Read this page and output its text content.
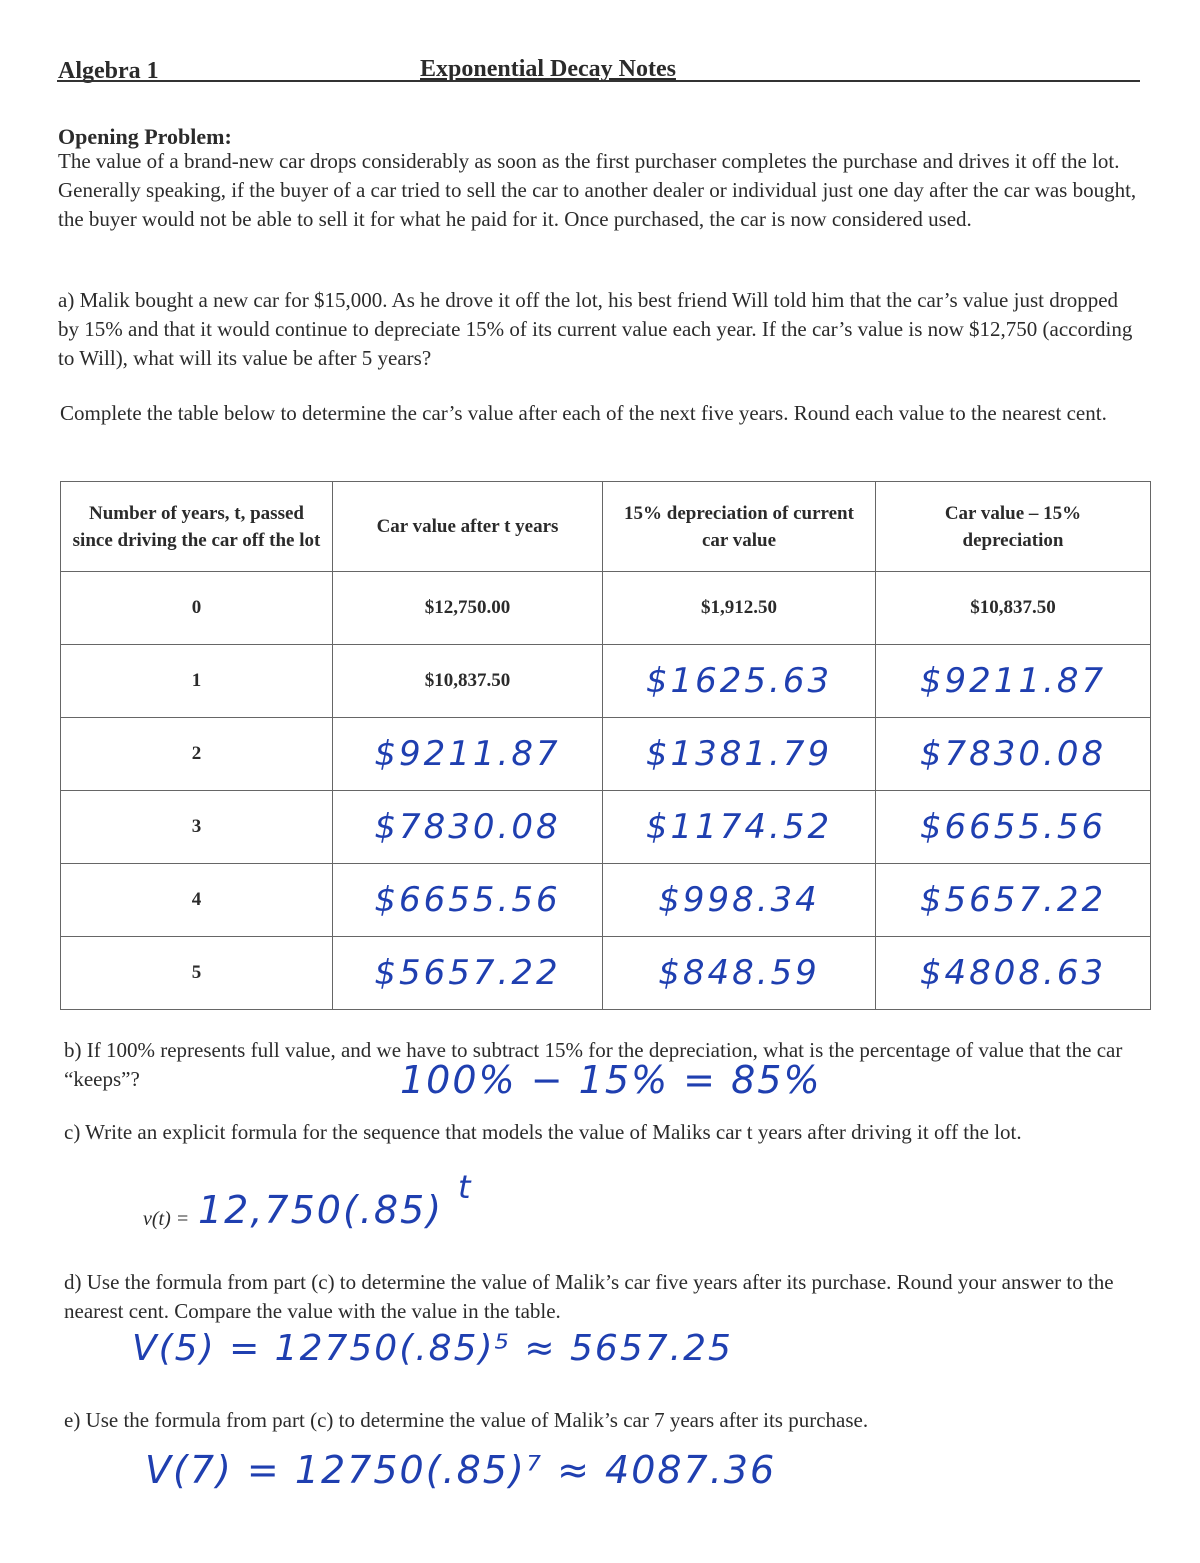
Algebra 1	Exponential Decay Notes
Opening Problem:
The value of a brand-new car drops considerably as soon as the first purchaser completes the purchase and drives it off the lot. Generally speaking, if the buyer of a car tried to sell the car to another dealer or individual just one day after the car was bought, the buyer would not be able to sell it for what he paid for it. Once purchased, the car is now considered used.
a) Malik bought a new car for $15,000. As he drove it off the lot, his best friend Will told him that the car’s value just dropped by 15% and that it would continue to depreciate 15% of its current value each year. If the car’s value is now $12,750 (according to Will), what will its value be after 5 years?
Complete the table below to determine the car’s value after each of the next five years. Round each value to the nearest cent.
Number of years, t, passed since driving the car off the lot	Car value after t years	15% depreciation of current car value	Car value – 15% depreciation
0	$12,750.00	$1,912.50	$10,837.50
1	$10,837.50	$1625.63	$9211.87
2	$9211.87	$1381.79	$7830.08
3	$7830.08	$1174.52	$6655.56
4	$6655.56	$998.34	$5657.22
5	$5657.22	$848.59	$4808.63
b) If 100% represents full value, and we have to subtract 15% for the depreciation, what is the percentage of value that the car “keeps”?	100% − 15% = 85%
c) Write an explicit formula for the sequence that models the value of Maliks car t years after driving it off the lot.
v(t) = 12,750(.85)
t
d) Use the formula from part (c) to determine the value of Malik’s car five years after its purchase. Round your answer to the nearest cent. Compare the value with the value in the table.
V(5) = 12750(.85)⁵ ≈ 5657.25
e) Use the formula from part (c) to determine the value of Malik’s car 7 years after its purchase.
V(7) = 12750(.85)⁷ ≈ 4087.36
